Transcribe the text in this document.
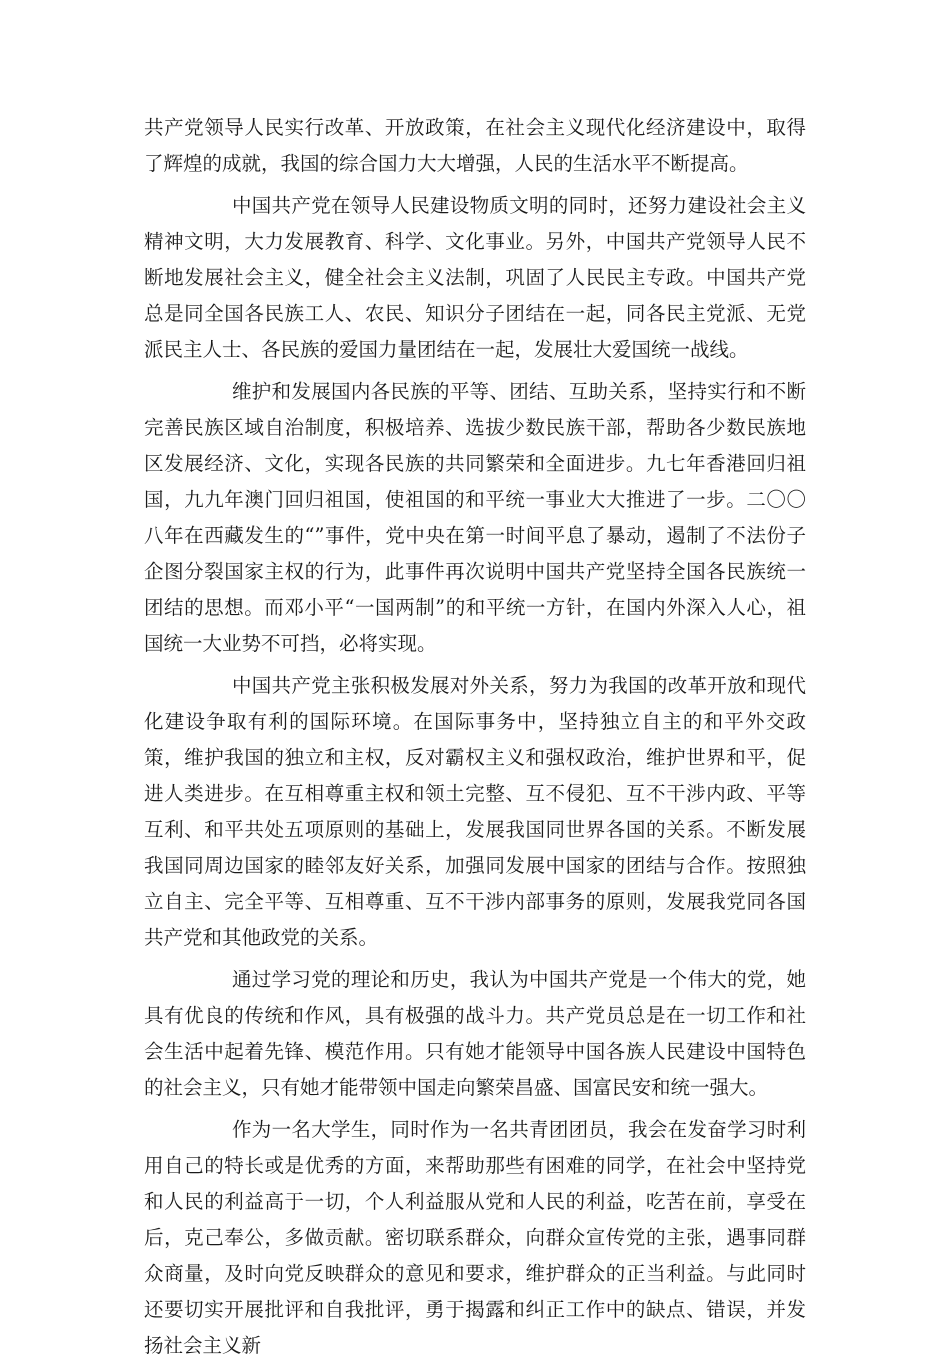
共产党领导人民实行改革、开放政策，在社会主义现代化经济建设中，取得了辉煌的成就，我国的综合国力大大增强，人民的生活水平不断提高。

中国共产党在领导人民建设物质文明的同时，还努力建设社会主义精神文明，大力发展教育、科学、文化事业。另外，中国共产党领导人民不断地发展社会主义，健全社会主义法制，巩固了人民民主专政。中国共产党总是同全国各民族工人、农民、知识分子团结在一起，同各民主党派、无党派民主人士、各民族的爱国力量团结在一起，发展壮大爱国统一战线。

维护和发展国内各民族的平等、团结、互助关系，坚持实行和不断完善民族区域自治制度，积极培养、选拔少数民族干部，帮助各少数民族地区发展经济、文化，实现各民族的共同繁荣和全面进步。九七年香港回归祖国，九九年澳门回归祖国，使祖国的和平统一事业大大推进了一步。二〇〇八年在西藏发生的“”事件，党中央在第一时间平息了暴动，遏制了不法份子企图分裂国家主权的行为，此事件再次说明中国共产党坚持全国各民族统一团结的思想。而邓小平“一国两制”的和平统一方针，在国内外深入人心，祖国统一大业势不可挡，必将实现。

中国共产党主张积极发展对外关系，努力为我国的改革开放和现代化建设争取有利的国际环境。在国际事务中，坚持独立自主的和平外交政策，维护我国的独立和主权，反对霸权主义和强权政治，维护世界和平，促进人类进步。在互相尊重主权和领土完整、互不侵犯、互不干涉内政、平等互利、和平共处五项原则的基础上，发展我国同世界各国的关系。不断发展我国同周边国家的睦邻友好关系，加强同发展中国家的团结与合作。按照独立自主、完全平等、互相尊重、互不干涉内部事务的原则，发展我党同各国共产党和其他政党的关系。

通过学习党的理论和历史，我认为中国共产党是一个伟大的党，她具有优良的传统和作风，具有极强的战斗力。共产党员总是在一切工作和社会生活中起着先锋、模范作用。只有她才能领导中国各族人民建设中国特色的社会主义，只有她才能带领中国走向繁荣昌盛、国富民安和统一强大。

作为一名大学生，同时作为一名共青团团员，我会在发奋学习时利用自己的特长或是优秀的方面，来帮助那些有困难的同学，在社会中坚持党和人民的利益高于一切，个人利益服从党和人民的利益，吃苦在前，享受在后，克己奉公，多做贡献。密切联系群众，向群众宣传党的主张，遇事同群众商量，及时向党反映群众的意见和要求，维护群众的正当利益。与此同时还要切实开展批评和自我批评，勇于揭露和纠正工作中的缺点、错误，并发扬社会主义新
